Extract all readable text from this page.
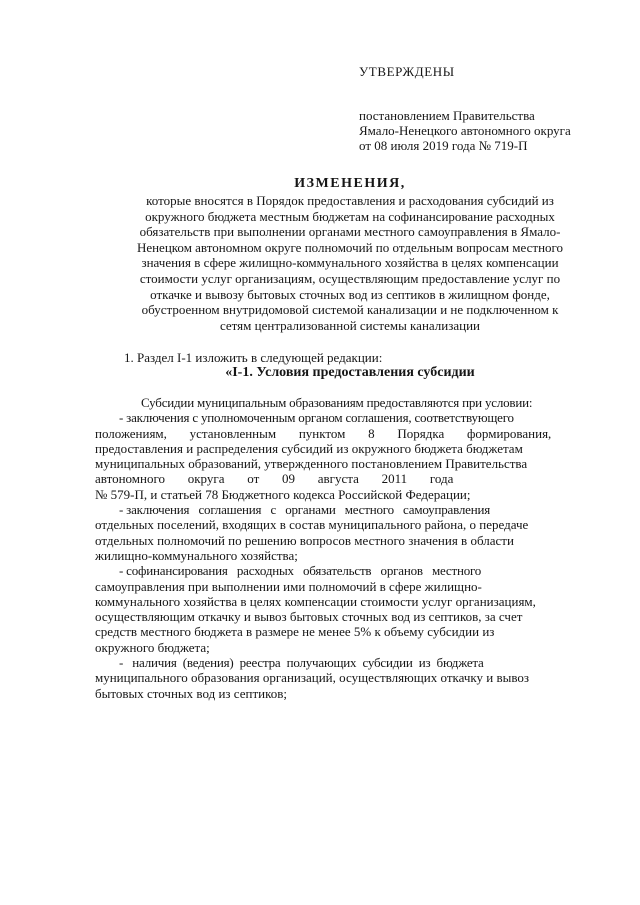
УТВЕРЖДЕНЫ
постановлением Правительства
Ямало-Ненецкого автономного округа
от 08 июля 2019 года № 719-П
ИЗМЕНЕНИЯ,
которые вносятся в Порядок предоставления и расходования субсидий из
окружного бюджета местным бюджетам на софинансирование расходных
обязательств при выполнении органами местного самоуправления в Ямало-
Ненецком автономном округе полномочий по отдельным вопросам местного
значения в сфере жилищно-коммунального хозяйства в целях компенсации
стоимости услуг организациям, осуществляющим предоставление услуг по
откачке и вывозу бытовых сточных вод из септиков в жилищном фонде,
обустроенном внутридомовой системой канализации и не подключенном к
сетям централизованной системы канализации
1. Раздел I-1 изложить в следующей редакции:
«I-1. Условия предоставления субсидии
Субсидии муниципальным образованиям предоставляются при условии:
- заключения с уполномоченным органом соглашения, соответствующего
положениям,       установленным       пунктом       8       Порядка       формирования,
предоставления и распределения субсидий из окружного бюджета бюджетам
муниципальных образований, утвержденного постановлением Правительства
автономного       округа       от       09       августа       2011       года
№ 579-П, и статьей 78 Бюджетного кодекса Российской Федерации;
- заключения   соглашения   с   органами   местного   самоуправления
отдельных поселений, входящих в состав муниципального района, о передаче
отдельных полномочий по решению вопросов местного значения в области
жилищно-коммунального хозяйства;
- софинансирования   расходных   обязательств   органов   местного
самоуправления при выполнении ими полномочий в сфере жилищно-
коммунального хозяйства в целях компенсации стоимости услуг организациям,
осуществляющим откачку и вывоз бытовых сточных вод из септиков, за счет
средств местного бюджета в размере не менее 5% к объему субсидии из
окружного бюджета;
-   наличия  (ведения)  реестра  получающих  субсидии  из  бюджета
муниципального образования организаций, осуществляющих откачку и вывоз
бытовых сточных вод из септиков;
